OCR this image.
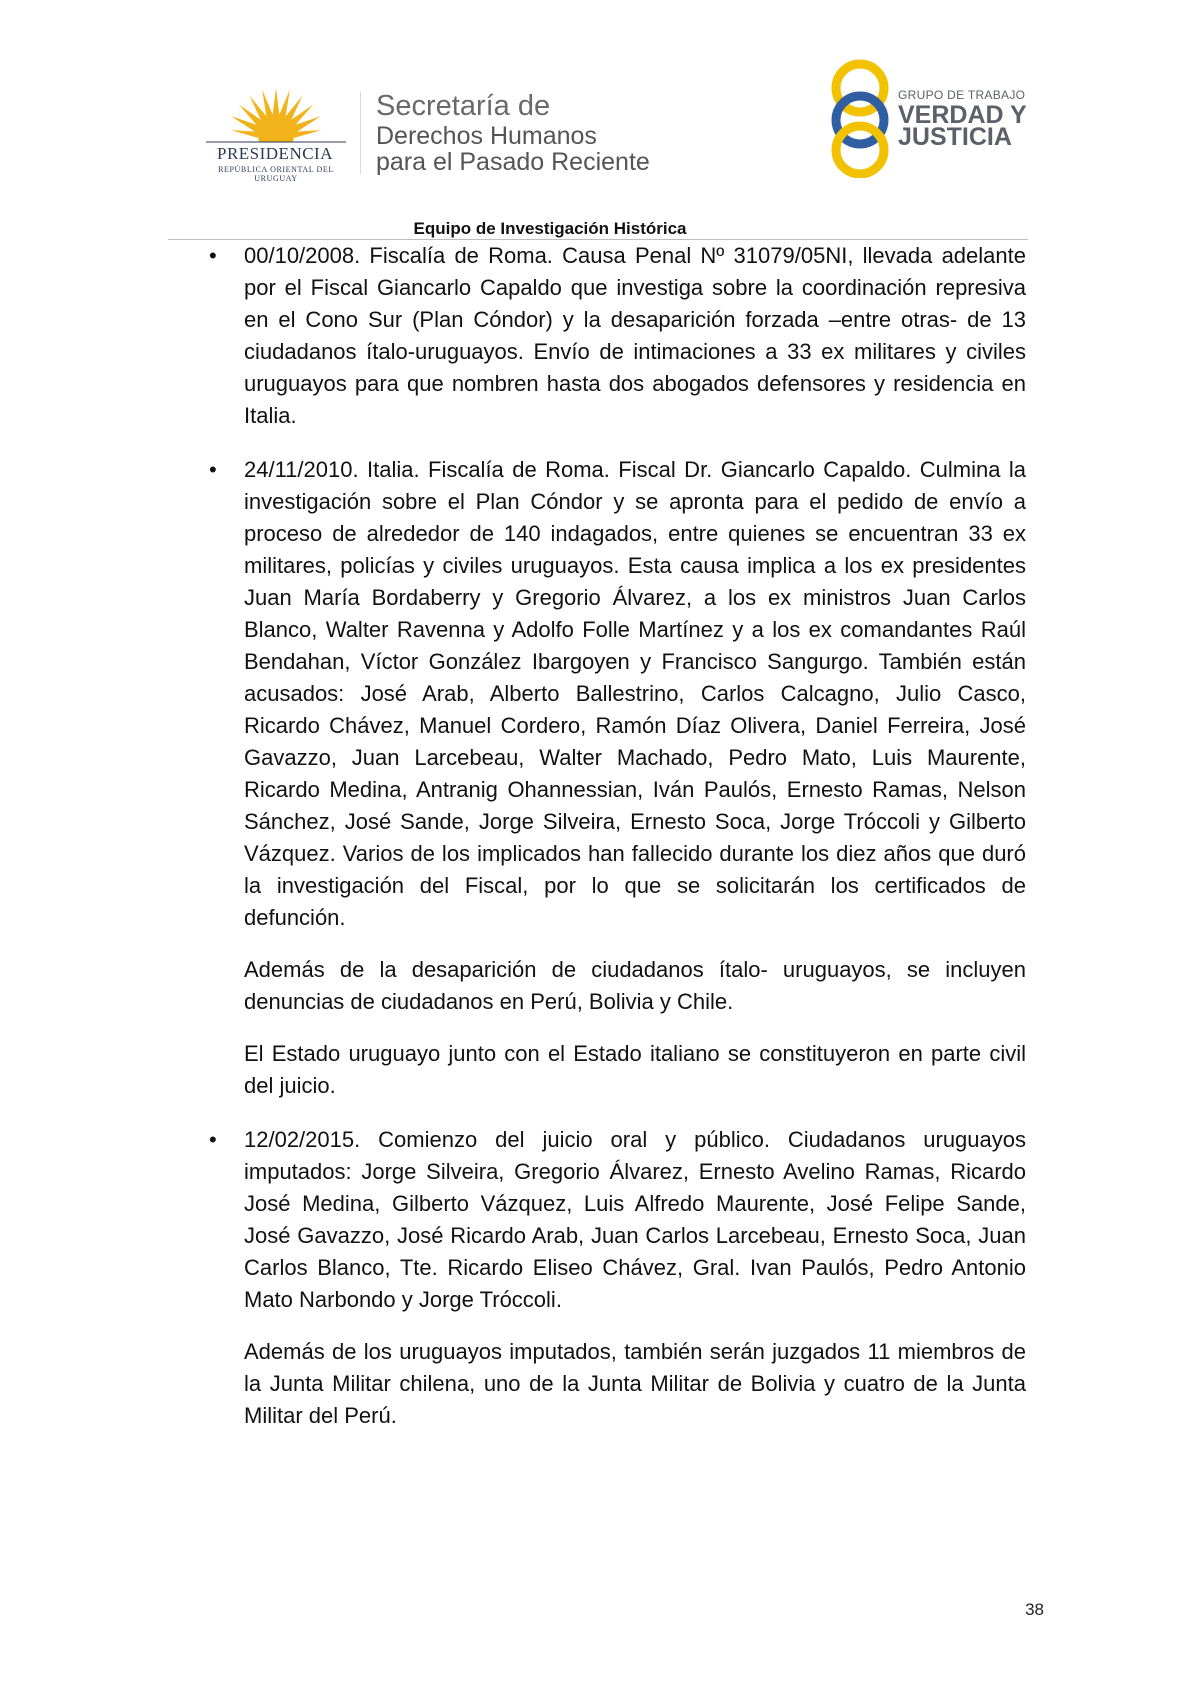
PRESIDENCIA
REPÚBLICA ORIENTAL DEL URUGUAY
Secretaría de
Derechos Humanos
para el Pasado Reciente
GRUPO DE TRABAJO
VERDAD Y
JUSTICIA
Equipo de Investigación Histórica
• 00/10/2008. Fiscalía de Roma. Causa Penal Nº 31079/05NI, llevada adelante por el Fiscal Giancarlo Capaldo que investiga sobre la coordinación represiva en el Cono Sur (Plan Cóndor) y la desaparición forzada –entre otras- de 13 ciudadanos ítalo-uruguayos. Envío de intimaciones a 33 ex militares y civiles uruguayos para que nombren hasta dos abogados defensores y residencia en Italia.

• 24/11/2010. Italia. Fiscalía de Roma. Fiscal Dr. Giancarlo Capaldo. Culmina la investigación sobre el Plan Cóndor y se apronta para el pedido de envío a proceso de alrededor de 140 indagados, entre quienes se encuentran 33 ex militares, policías y civiles uruguayos. Esta causa implica a los ex presidentes Juan María Bordaberry y Gregorio Álvarez, a los ex ministros Juan Carlos Blanco, Walter Ravenna y Adolfo Folle Martínez y a los ex comandantes Raúl Bendahan, Víctor González Ibargoyen y Francisco Sangurgo. También están acusados: José Arab, Alberto Ballestrino, Carlos Calcagno, Julio Casco, Ricardo Chávez, Manuel Cordero, Ramón Díaz Olivera, Daniel Ferreira, José Gavazzo, Juan Larcebeau, Walter Machado, Pedro Mato, Luis Maurente, Ricardo Medina, Antranig Ohannessian, Iván Paulós, Ernesto Ramas, Nelson Sánchez, José Sande, Jorge Silveira, Ernesto Soca, Jorge Tróccoli y Gilberto Vázquez. Varios de los implicados han fallecido durante los diez años que duró la investigación del Fiscal, por lo que se solicitarán los certificados de defunción.

Además de la desaparición de ciudadanos ítalo- uruguayos, se incluyen denuncias de ciudadanos en Perú, Bolivia y Chile.

El Estado uruguayo junto con el Estado italiano se constituyeron en parte civil del juicio.

• 12/02/2015. Comienzo del juicio oral y público. Ciudadanos uruguayos imputados: Jorge Silveira, Gregorio Álvarez, Ernesto Avelino Ramas, Ricardo José Medina, Gilberto Vázquez, Luis Alfredo Maurente, José Felipe Sande, José Gavazzo, José Ricardo Arab, Juan Carlos Larcebeau, Ernesto Soca, Juan Carlos Blanco, Tte. Ricardo Eliseo Chávez, Gral. Ivan Paulós, Pedro Antonio Mato Narbondo y Jorge Tróccoli.

Además de los uruguayos imputados, también serán juzgados 11 miembros de la Junta Militar chilena, uno de la Junta Militar de Bolivia y cuatro de la Junta Militar del Perú.

38
